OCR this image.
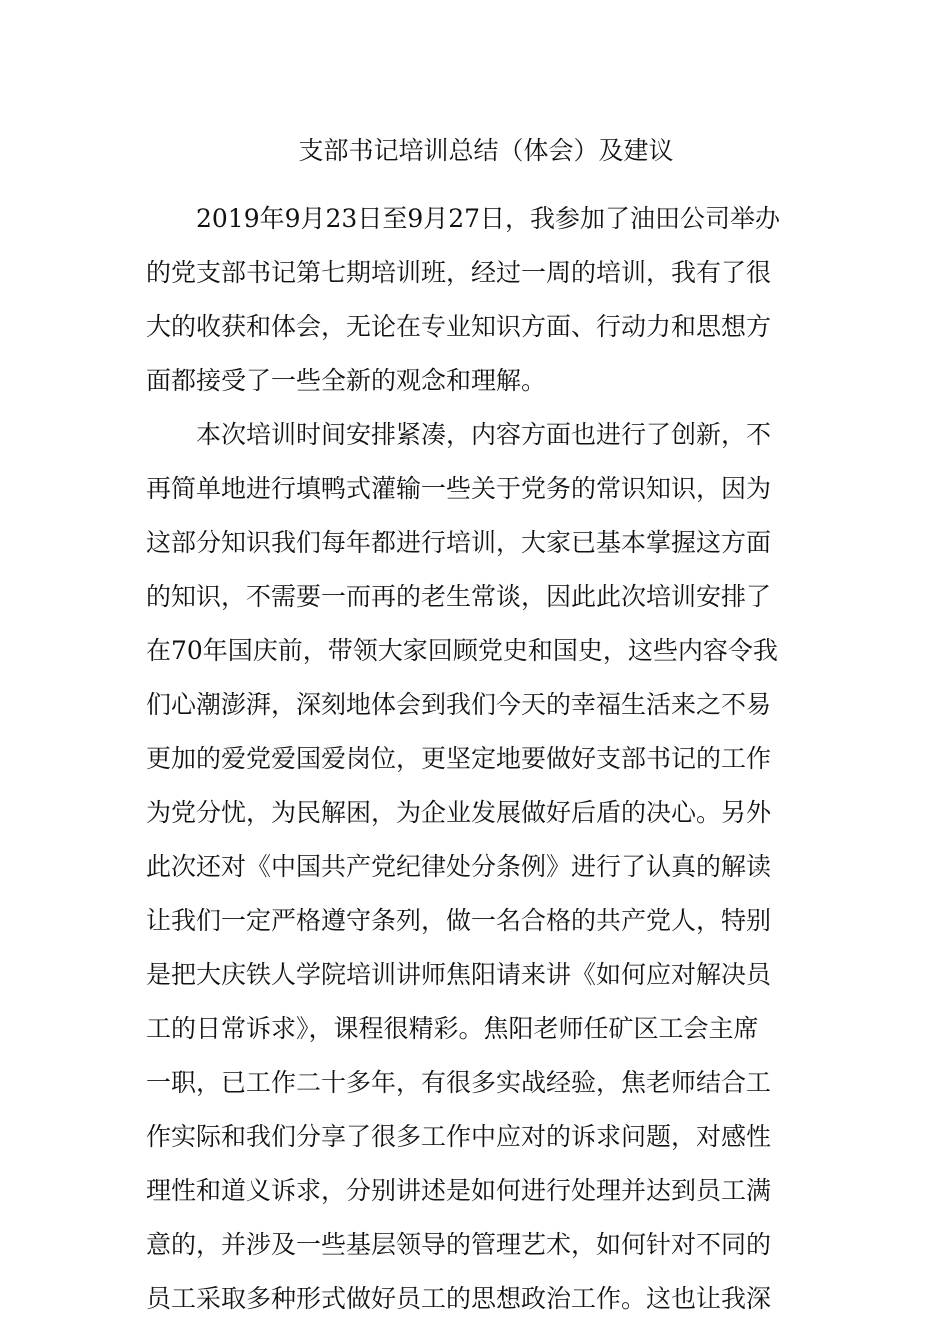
支部书记培训总结（体会）及建议
2019年9月23日至9月27日，我参加了油田公司举办
的党支部书记第七期培训班，经过一周的培训，我有了很
大的收获和体会，无论在专业知识方面、行动力和思想方
面都接受了一些全新的观念和理解。
本次培训时间安排紧凑，内容方面也进行了创新，不
再简单地进行填鸭式灌输一些关于党务的常识知识，因为
这部分知识我们每年都进行培训，大家已基本掌握这方面
的知识，不需要一而再的老生常谈，因此此次培训安排了
在70年国庆前，带领大家回顾党史和国史，这些内容令我
们心潮澎湃，深刻地体会到我们今天的幸福生活来之不易
更加的爱党爱国爱岗位，更坚定地要做好支部书记的工作
为党分忧，为民解困，为企业发展做好后盾的决心。另外
此次还对《中国共产党纪律处分条例》进行了认真的解读
让我们一定严格遵守条列，做一名合格的共产党人，特别
是把大庆铁人学院培训讲师焦阳请来讲《如何应对解决员
工的日常诉求》，课程很精彩。焦阳老师任矿区工会主席
一职，已工作二十多年，有很多实战经验，焦老师结合工
作实际和我们分享了很多工作中应对的诉求问题，对感性
理性和道义诉求，分别讲述是如何进行处理并达到员工满
意的，并涉及一些基层领导的管理艺术，如何针对不同的
员工采取多种形式做好员工的思想政治工作。这也让我深
